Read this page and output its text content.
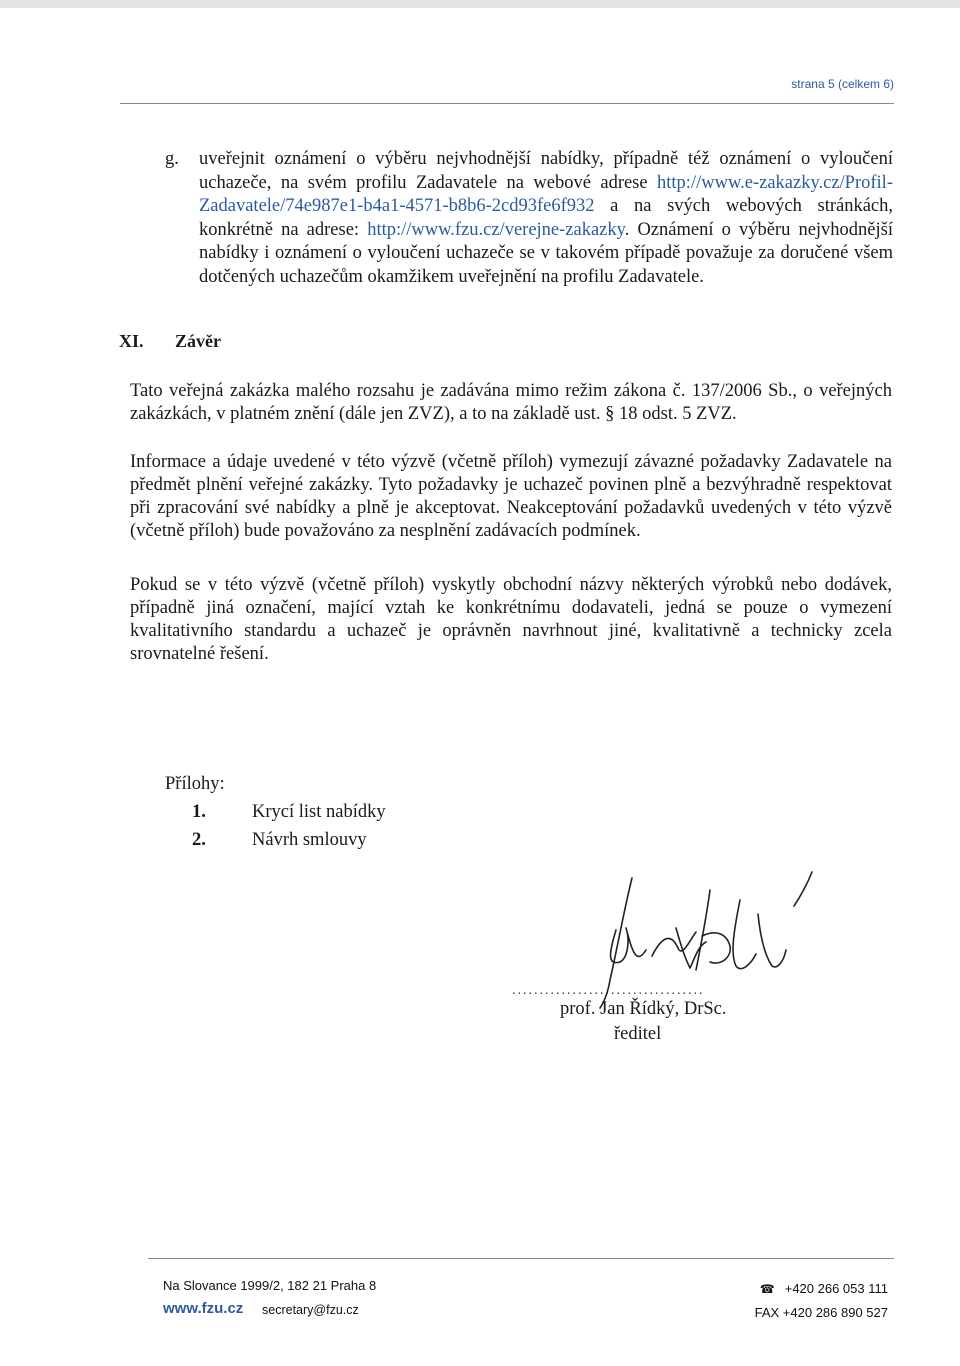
strana 5 (celkem 6)
g. uveřejnit oznámení o výběru nejvhodnější nabídky, případně též oznámení o vyloučení uchazeče, na svém profilu Zadavatele na webové adrese http://www.e-zakazky.cz/Profil-Zadavatele/74e987e1-b4a1-4571-b8b6-2cd93fe6f932 a na svých webových stránkách, konkrétně na adrese: http://www.fzu.cz/verejne-zakazky. Oznámení o výběru nejvhodnější nabídky i oznámení o vyloučení uchazeče se v takovém případě považuje za doručené všem dotčených uchazečům okamžikem uveřejnění na profilu Zadavatele.
XI. Závěr
Tato veřejná zakázka malého rozsahu je zadávána mimo režim zákona č. 137/2006 Sb., o veřejných zakázkách, v platném znění (dále jen ZVZ), a to na základě ust. § 18 odst. 5 ZVZ.
Informace a údaje uvedené v této výzvě (včetně příloh) vymezují závazné požadavky Zadavatele na předmět plnění veřejné zakázky. Tyto požadavky je uchazeč povinen plně a bezvýhradně respektovat při zpracování své nabídky a plně je akceptovat. Neakceptování požadavků uvedených v této výzvě (včetně příloh) bude považováno za nesplnění zadávacích podmínek.
Pokud se v této výzvě (včetně příloh) vyskytly obchodní názvy některých výrobků nebo dodávek, případně jiná označení, mající vztah ke konkrétnímu dodavateli, jedná se pouze o vymezení kvalitativního standardu a uchazeč je oprávněn navrhnout jiné, kvalitativně a technicky zcela srovnatelné řešení.
Přílohy:
1. Krycí list nabídky
2. Návrh smlouvy
...................................
prof. Jan Řídký, DrSc.
ředitel
Na Slovance 1999/2, 182 21 Praha 8
www.fzu.cz secretary@fzu.cz
☎ +420 266 053 111
FAX +420 286 890 527
